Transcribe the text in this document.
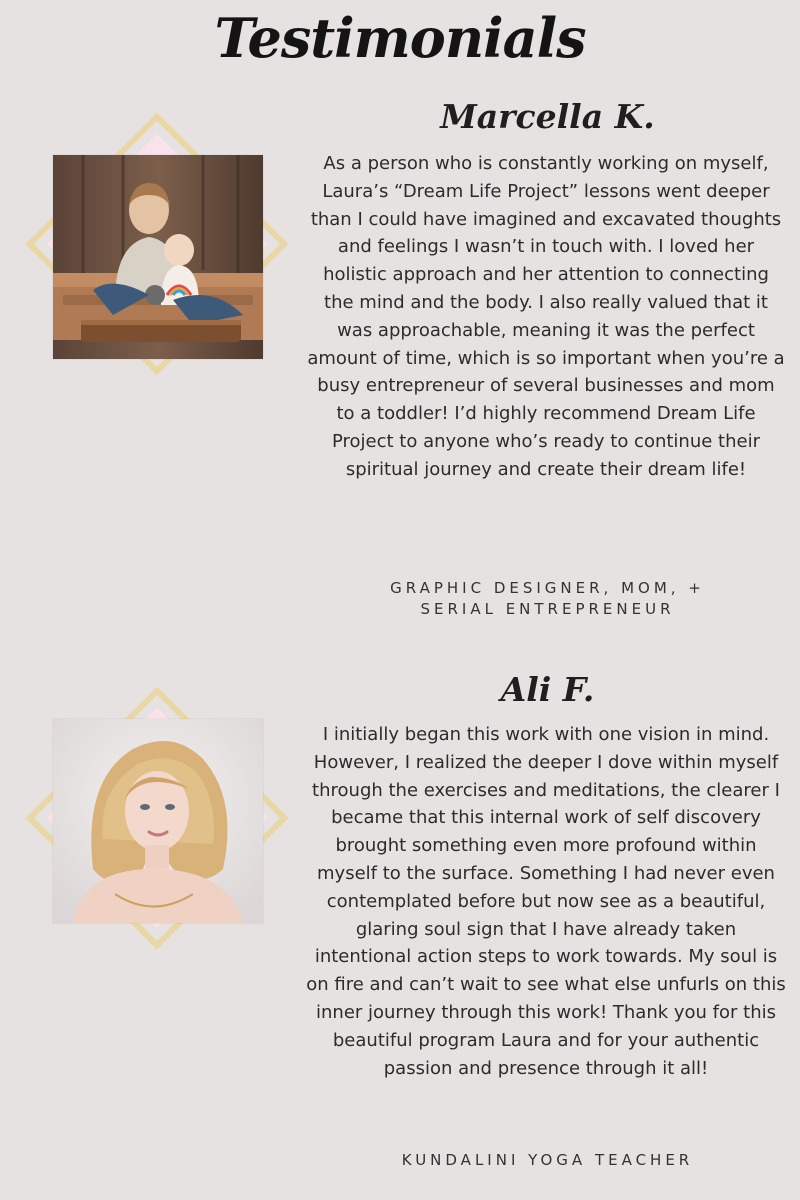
Testimonials
Marcella K.

As a person who is constantly working on myself, Laura’s “Dream Life Project” lessons went deeper than I could have imagined and excavated thoughts and feelings I wasn’t in touch with. I loved her holistic approach and her attention to connecting the mind and the body. I also really valued that it was approachable, meaning it was the perfect amount of time, which is so important when you’re a busy entrepreneur of several businesses and mom to a toddler! I’d highly recommend Dream Life Project to anyone who’s ready to continue their spiritual journey and create their dream life!

GRAPHIC DESIGNER, MOM, +
SERIAL ENTREPRENEUR
Ali F.

I initially began this work with one vision in mind. However, I realized the deeper I dove within myself through the exercises and meditations, the clearer I became that this internal work of self discovery brought something even more profound within myself to the surface. Something I had never even contemplated before but now see as a beautiful, glaring soul sign that I have already taken intentional action steps to work towards. My soul is on fire and can’t wait to see what else unfurls on this inner journey through this work! Thank you for this beautiful program Laura and for your authentic passion and presence through it all!

KUNDALINI YOGA TEACHER
